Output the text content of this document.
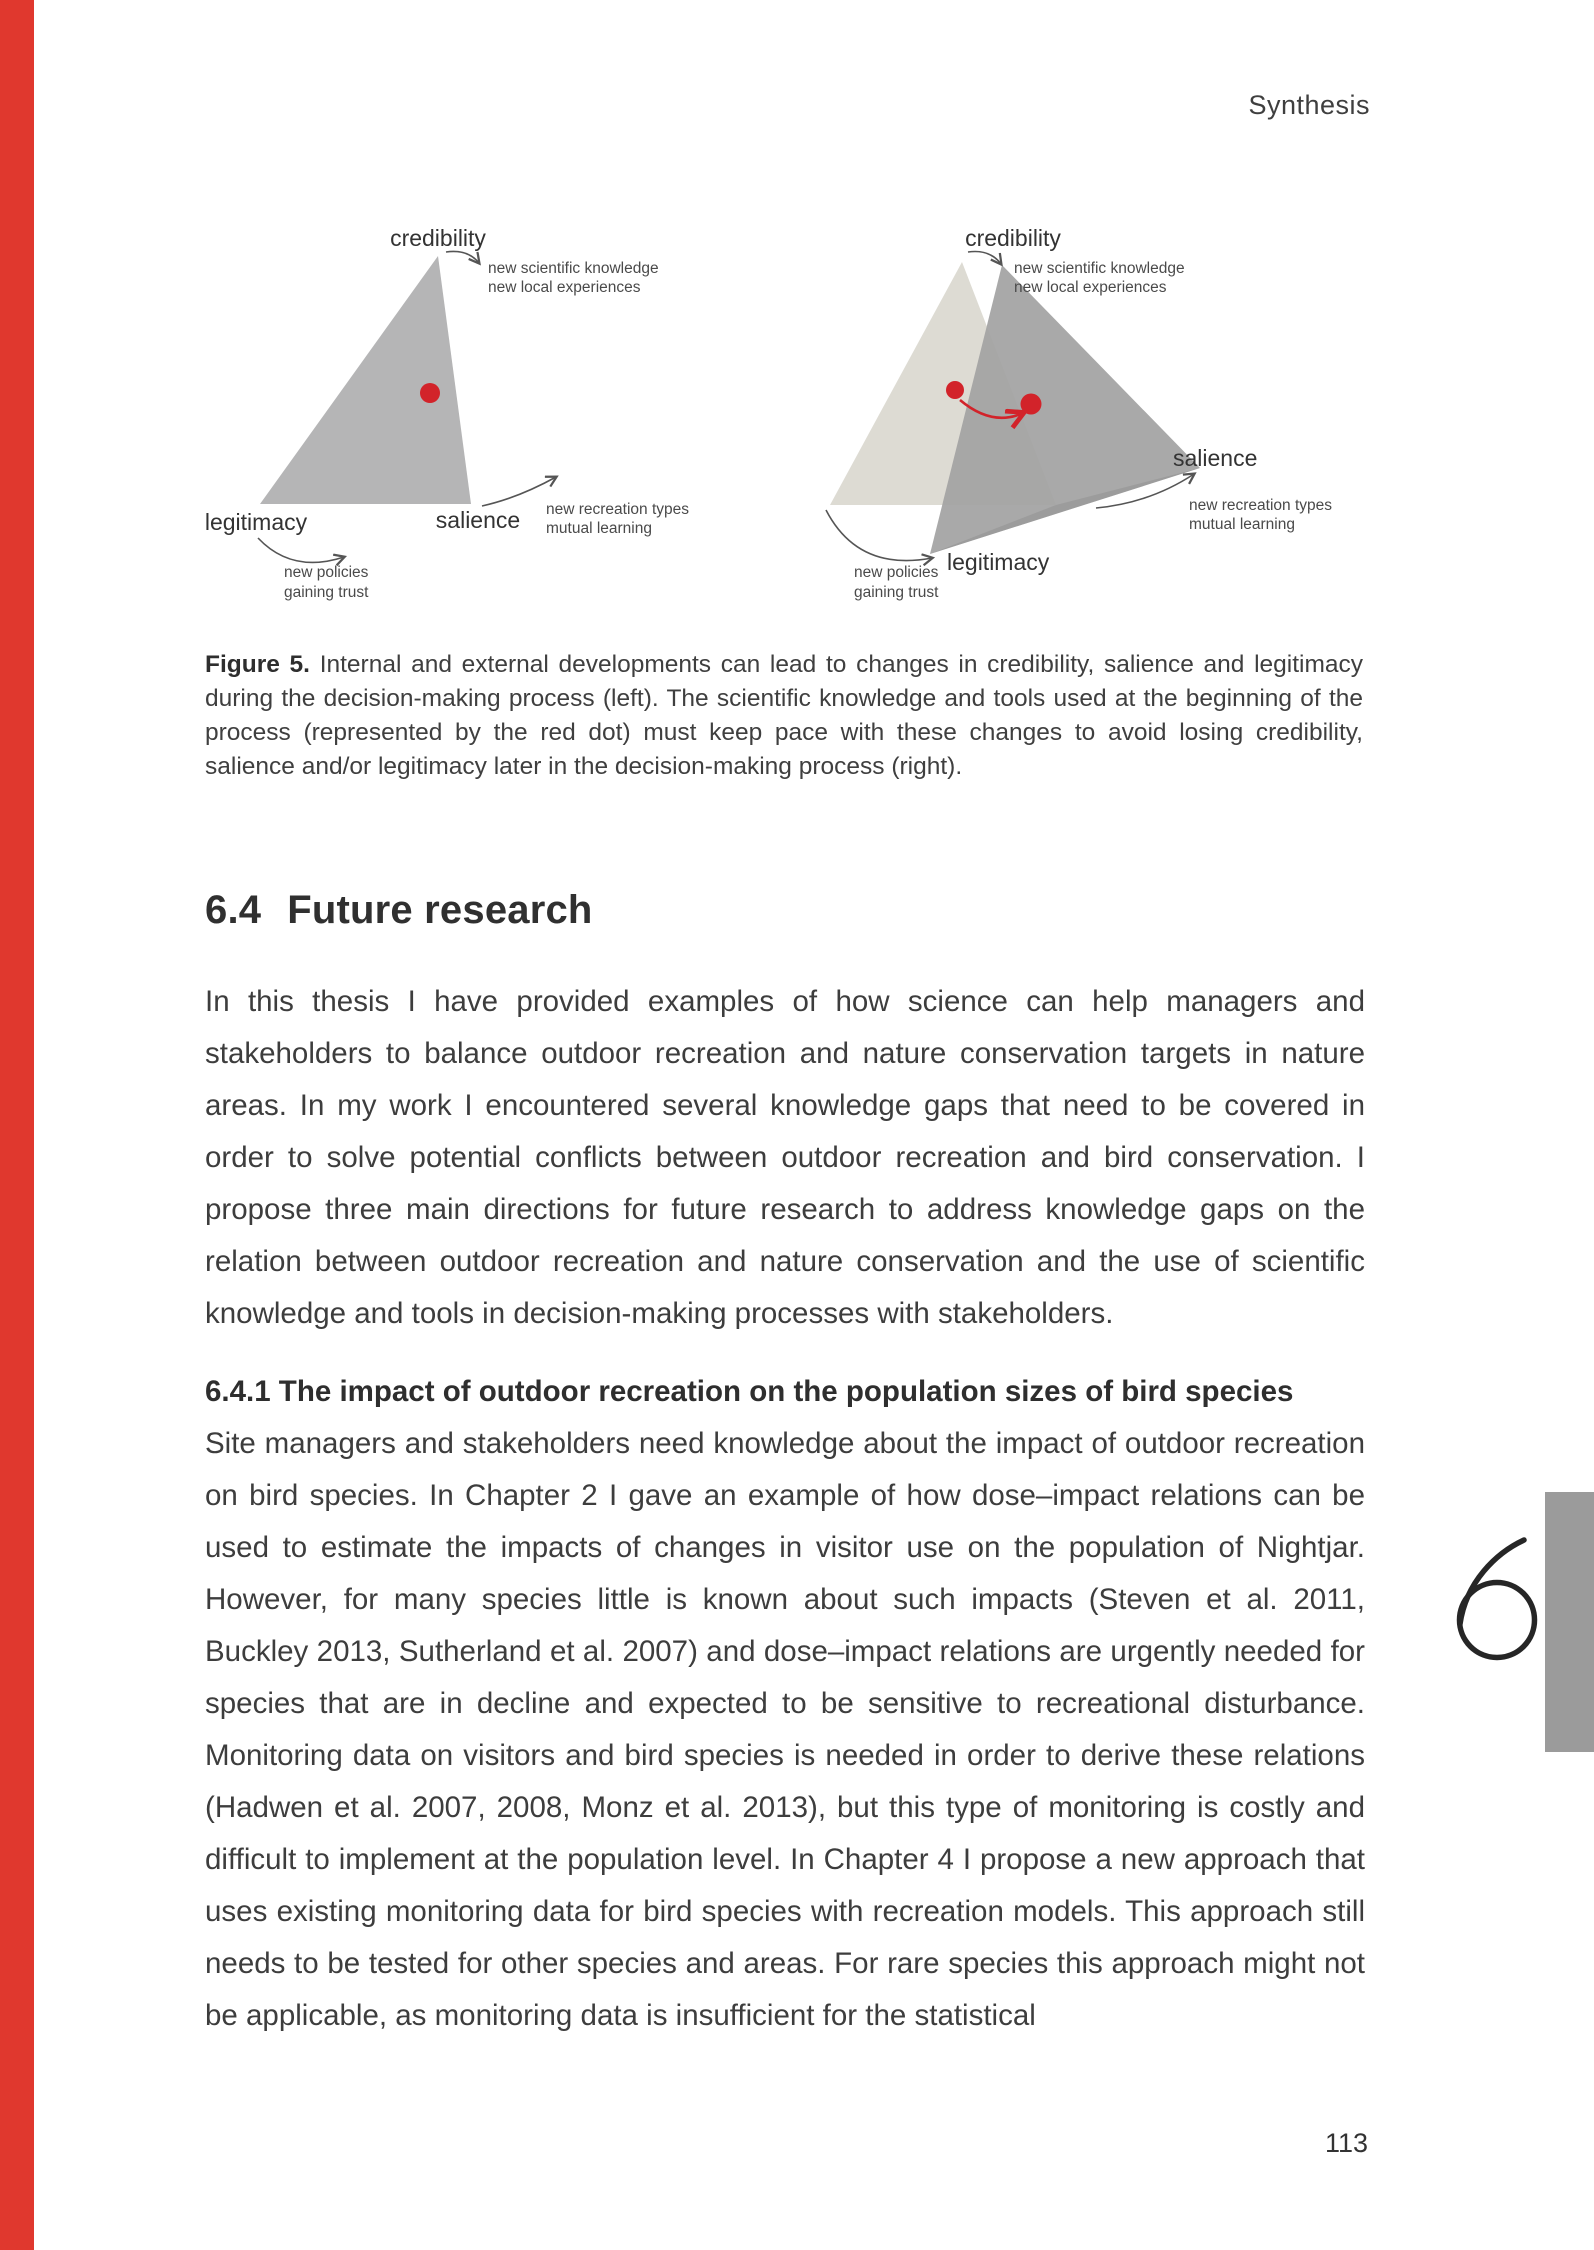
Synthesis
credibility
new scientific knowledge
new local experiences
legitimacy
new policies
gaining trust
salience new recreation types
mutual learning
credibility
new scientific knowledge
new local experiences
salience
new recreation types
mutual learning
legitimacy
new policies
gaining trust
Figure 5. Internal and external developments can lead to changes in credibility, salience and legitimacy during the decision-making process (left). The scientific knowledge and tools used at the beginning of the process (represented by the red dot) must keep pace with these changes to avoid losing credibility, salience and/or legitimacy later in the decision-making process (right).
6.4 Future research

In this thesis I have provided examples of how science can help managers and stakeholders to balance outdoor recreation and nature conservation targets in nature areas. In my work I encountered several knowledge gaps that need to be covered in order to solve potential conflicts between outdoor recreation and bird conservation. I propose three main directions for future research to address knowledge gaps on the relation between outdoor recreation and nature conservation and the use of scientific knowledge and tools in decision-making processes with stakeholders.

6.4.1 The impact of outdoor recreation on the population sizes of bird species

Site managers and stakeholders need knowledge about the impact of outdoor recreation on bird species. In Chapter 2 I gave an example of how dose–impact relations can be used to estimate the impacts of changes in visitor use on the population of Nightjar. However, for many species little is known about such impacts (Steven et al. 2011, Buckley 2013, Sutherland et al. 2007) and dose–impact relations are urgently needed for species that are in decline and expected to be sensitive to recreational disturbance. Monitoring data on visitors and bird species is needed in order to derive these relations (Hadwen et al. 2007, 2008, Monz et al. 2013), but this type of monitoring is costly and difficult to implement at the population level. In Chapter 4 I propose a new approach that uses existing monitoring data for bird species with recreation models. This approach still needs to be tested for other species and areas. For rare species this approach might not be applicable, as monitoring data is insufficient for the statistical

113
